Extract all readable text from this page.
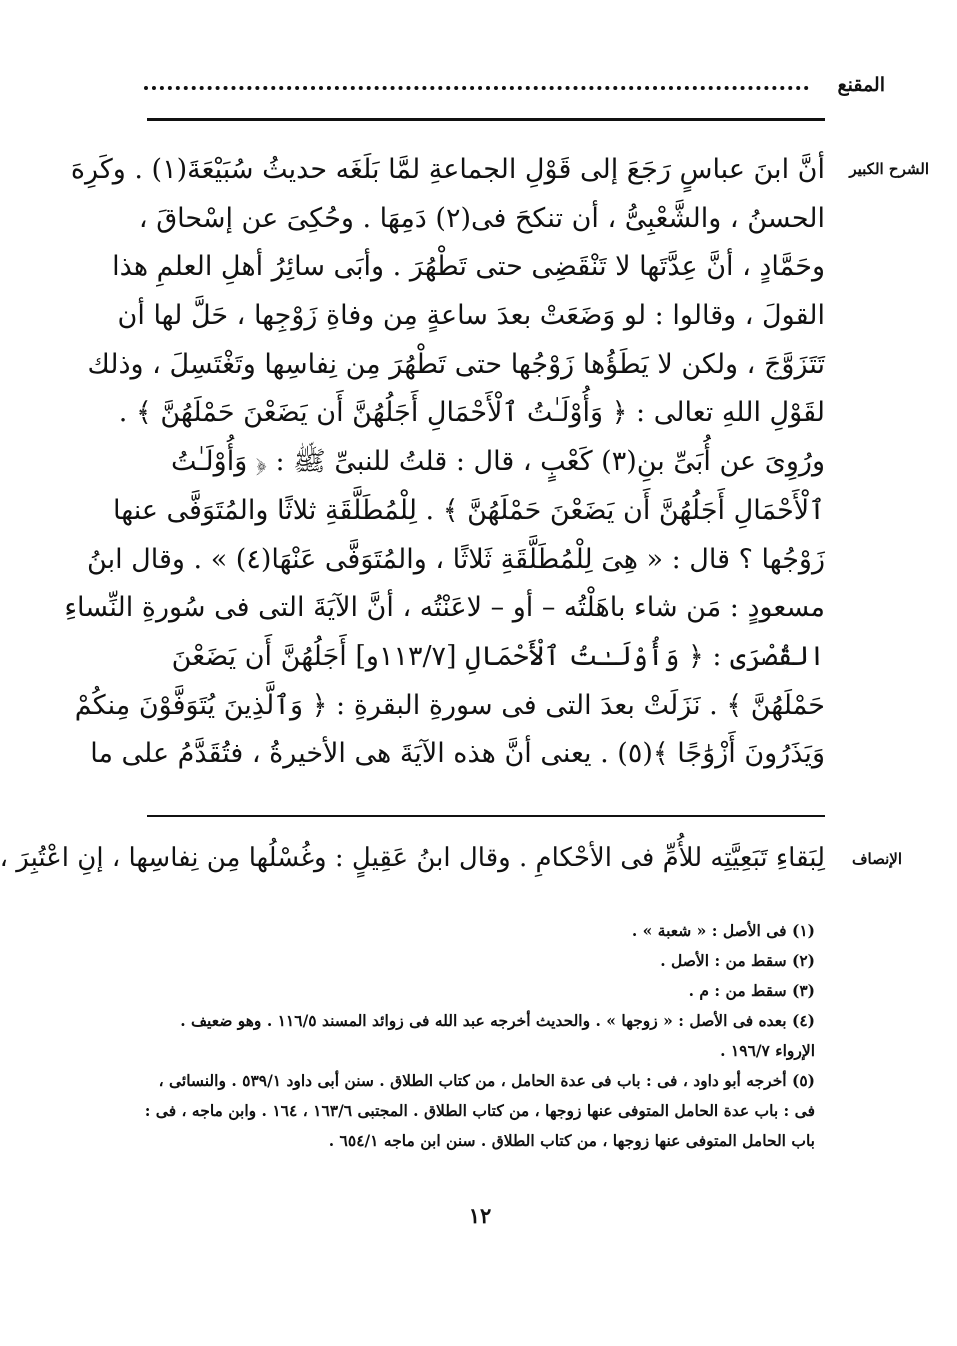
المقنع
الشرح الكبير
أنَّ ابنَ عباسٍ رَجَعَ إلى قَوْلِ الجماعةِ لمَّا بَلَغَه حديثُ سُبَيْعَةَ(١) . وكَرِهَ
الحسنُ ، والشَّعْبِىُّ ، أن تنكحَ فى(٢) دَمِهَا . وحُكِىَ عن إسْحاقَ ،
وحَمَّادٍ ، أنَّ عِدَّتَها لا تَنْقَضِى حتى تَطْهُرَ . وأبَى سائِرُ أهلِ العلمِ هذا
القولَ ، وقالوا : لو وَضَعَتْ بعدَ ساعةٍ مِن وفاةِ زَوْجِها ، حَلَّ لها أن
تَتَزَوَّجَ ، ولكن لا يَطَؤُها زَوْجُها حتى تَطْهُرَ مِن نِفاسِها وتَغْتَسِلَ ، وذلك
لقَوْلِ اللهِ تعالى : ﴿ وَأُوْلَـٰتُ ٱلْأَحْمَالِ أَجَلُهُنَّ أَن يَضَعْنَ حَمْلَهُنَّ ﴾ .
ورُوِىَ عن أُبَىِّ بنِ(٣) كَعْبٍ ، قال : قلتُ للنبىِّ ﷺ : ﴿ وَأُوْلَـٰتُ
ٱلْأَحْمَالِ أَجَلُهُنَّ أَن يَضَعْنَ حَمْلَهُنَّ ﴾ . لِلْمُطَلَّقَةِ ثلاثًا والمُتَوَفَّى عنها
زَوْجُها ؟ قال : « هِىَ لِلْمُطَلَّقَةِ ثَلاثًا ، والمُتَوَفَّى عَنْهَا(٤) » . وقال ابنُ
مسعودٍ : مَن شاء باهَلْتُه – أو – لاعَنْتُه ، أنَّ الآيَةَ التى فى سُورةِ النِّساءِ
القُصْرَى : ﴿ وَأُوْلَـٰتُ ٱلْأَحْمَالِ [١١٣/٧و] أَجَلُهُنَّ أَن يَضَعْنَ
حَمْلَهُنَّ ﴾ . نَزَلَتْ بعدَ التى فى سورةِ البقرةِ : ﴿ وَٱلَّذِينَ يُتَوَفَّوْنَ مِنكُمْ
وَيَذَرُونَ أَزْوَٰجًا ﴾(٥) . يعنى أنَّ هذه الآيَةَ هى الأخيرةُ ، فتُقَدَّمُ على ما
الإنصاف
لِبَقاءِ تَبَعِيَّتِه للأُمِّ فى الأحْكامِ . وقال ابنُ عَقِيلٍ : وغُسْلُها مِن نِفاسِها ، إنِ اعْتُبِرَ ،
(١) فى الأصل : « شعبة » .
(٢) سقط من : الأصل .
(٣) سقط من : م .
(٤) بعده فى الأصل : « زوجها » . والحديث أخرجه عبد الله فى زوائد المسند ١١٦/٥ . وهو ضعيف .
الإرواء ١٩٦/٧ .
(٥) أخرجه أبو داود ، فى : باب فى عدة الحامل ، من كتاب الطلاق . سنن أبى داود ٥٣٩/١ . والنسائى ،
فى : باب عدة الحامل المتوفى عنها زوجها ، من كتاب الطلاق . المجتبى ١٦٣/٦ ، ١٦٤ . وابن ماجه ، فى :
باب الحامل المتوفى عنها زوجها ، من كتاب الطلاق . سنن ابن ماجه ٦٥٤/١ .
١٢
